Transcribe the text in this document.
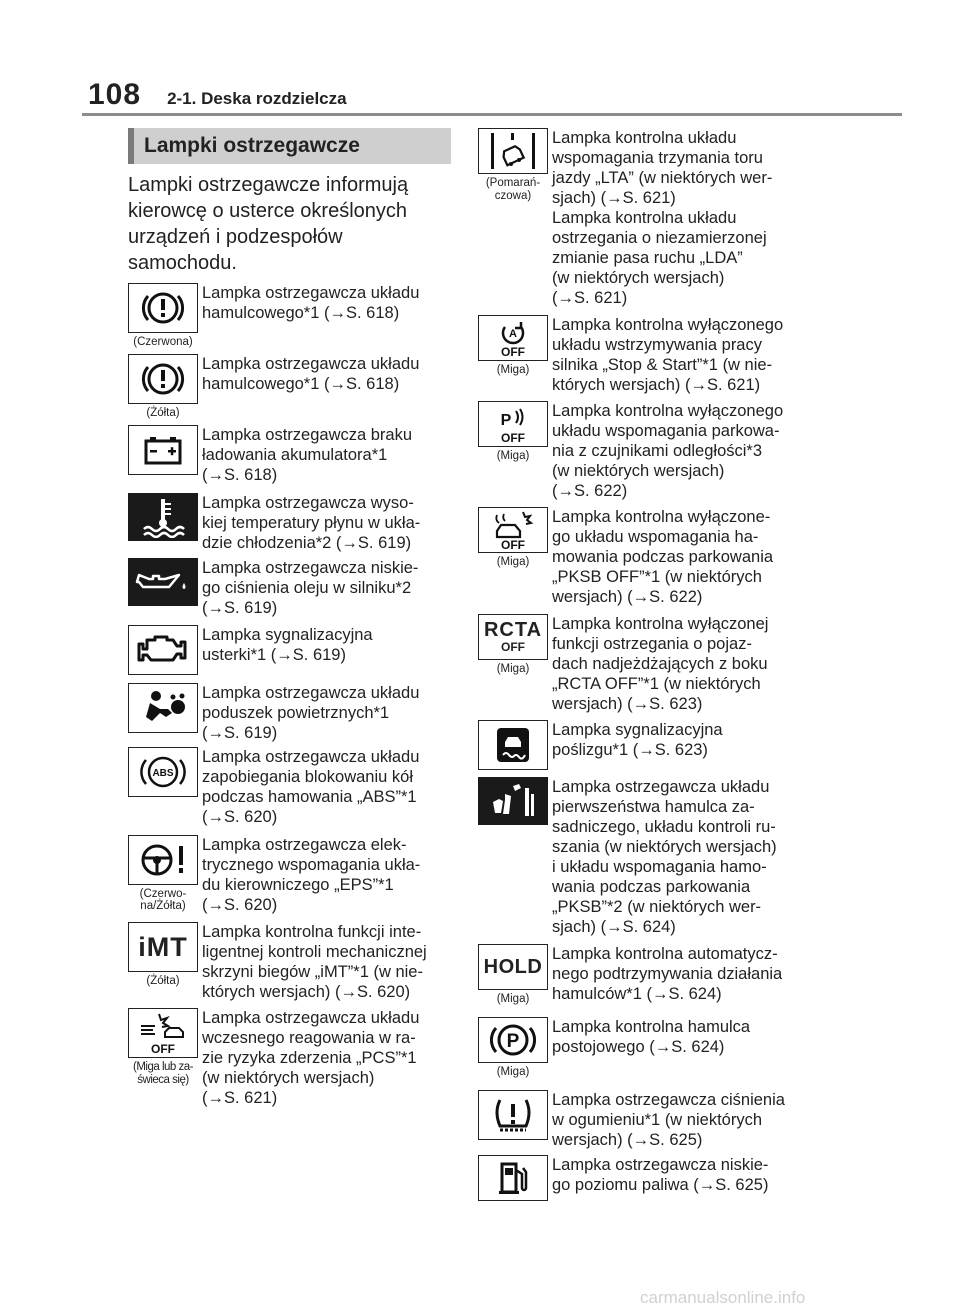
108 2-1. Deska rozdzielcza
Lampki ostrzegawcze
Lampki ostrzegawcze informują kierowcę o usterce określonych urządzeń i podzespołów samochodu.
(Czerwona)
Lampka ostrzegawcza układu
hamulcowego*1 (→S. 618)
(Żółta)
Lampka ostrzegawcza układu
hamulcowego*1 (→S. 618)
Lampka ostrzegawcza braku
ładowania akumulatora*1
(→S. 618)
Lampka ostrzegawcza wyso-
kiej temperatury płynu w ukła-
dzie chłodzenia*2 (→S. 619)
Lampka ostrzegawcza niskie-
go ciśnienia oleju w silniku*2
(→S. 619)
Lampka sygnalizacyjna
usterki*1 (→S. 619)
Lampka ostrzegawcza układu
poduszek powietrznych*1
(→S. 619)
ABS
Lampka ostrzegawcza układu
zapobiegania blokowaniu kół
podczas hamowania „ABS”*1
(→S. 620)
(Czerwo-
na/Żółta)
Lampka ostrzegawcza elek-
trycznego wspomagania ukła-
du kierowniczego „EPS”*1
(→S. 620)
iMT
(Żółta)
Lampka kontrolna funkcji inte-
ligentnej kontroli mechanicznej
skrzyni biegów „iMT”*1 (w nie-
których wersjach) (→S. 620)
OFF
(Miga lub za-
świeca się)
Lampka ostrzegawcza układu
wczesnego reagowania w ra-
zie ryzyka zderzenia „PCS”*1
(w niektórych wersjach)
(→S. 621)
(Pomarań-
czowa)
Lampka kontrolna układu
wspomagania trzymania toru
jazdy „LTA” (w niektórych wer-
sjach) (→S. 621)
Lampka kontrolna układu
ostrzegania o niezamierzonej
zmianie pasa ruchu „LDA”
(w niektórych wersjach)
(→S. 621)
A
OFF
(Miga)
Lampka kontrolna wyłączonego
układu wstrzymywania pracy
silnika „Stop & Start”*1 (w nie-
których wersjach) (→S. 621)
P
OFF
(Miga)
Lampka kontrolna wyłączonego
układu wspomagania parkowa-
nia z czujnikami odległości*3
(w niektórych wersjach)
(→S. 622)
OFF
(Miga)
Lampka kontrolna wyłączone-
go układu wspomagania ha-
mowania podczas parkowania
„PKSB OFF”*1 (w niektórych
wersjach) (→S. 622)
RCTA
OFF
(Miga)
Lampka kontrolna wyłączonej
funkcji ostrzegania o pojaz-
dach nadjeżdżających z boku
„RCTA OFF”*1 (w niektórych
wersjach) (→S. 623)
Lampka sygnalizacyjna
poślizgu*1 (→S. 623)
Lampka ostrzegawcza układu
pierwszeństwa hamulca za-
sadniczego, układu kontroli ru-
szania (w niektórych wersjach)
i układu wspomagania hamo-
wania podczas parkowania
„PKSB”*2 (w niektórych wer-
sjach) (→S. 624)
HOLD
(Miga)
Lampka kontrolna automatycz-
nego podtrzymywania działania
hamulców*1 (→S. 624)
P
(Miga)
Lampka kontrolna hamulca
postojowego (→S. 624)
Lampka ostrzegawcza ciśnienia
w ogumieniu*1 (w niektórych
wersjach) (→S. 625)
Lampka ostrzegawcza niskie-
go poziomu paliwa (→S. 625)
carmanualsonline.info
